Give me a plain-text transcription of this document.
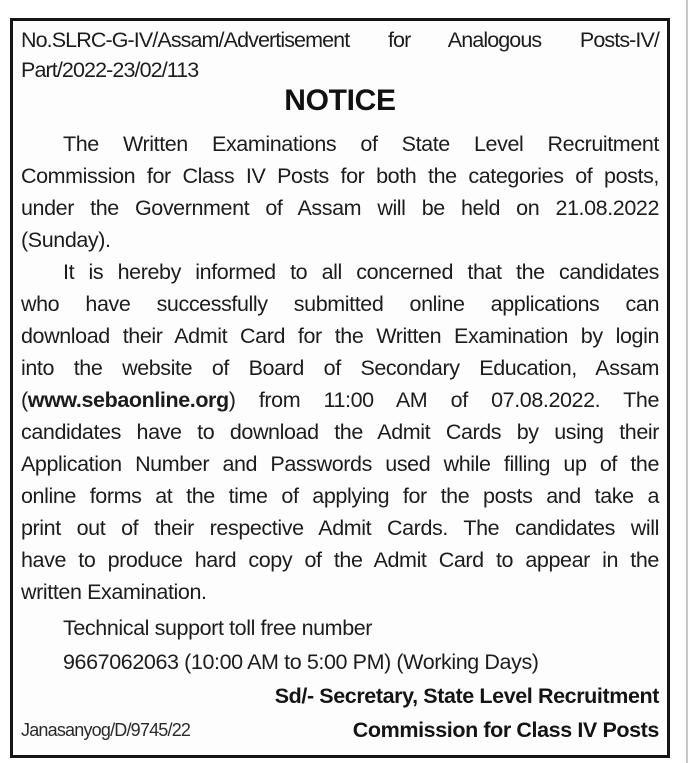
No.SLRC-G-IV/Assam/Advertisement for Analogous Posts-IV/
Part/2022-23/02/113
NOTICE
The Written Examinations of State Level Recruitment
Commission for Class IV Posts for both the categories of posts,
under the Government of Assam will be held on 21.08.2022
(Sunday).
It is hereby informed to all concerned that the candidates
who have successfully submitted online applications can
download their Admit Card for the Written Examination by login
into the website of Board of Secondary Education, Assam
(www.sebaonline.org) from 11:00 AM of 07.08.2022. The
candidates have to download the Admit Cards by using their
Application Number and Passwords used while filling up of the
online forms at the time of applying for the posts and take a
print out of their respective Admit Cards. The candidates will
have to produce hard copy of the Admit Card to appear in the
written Examination.
Technical support toll free number
9667062063 (10:00 AM to 5:00 PM) (Working Days)
Sd/- Secretary, State Level Recruitment
Janasanyog/D/9745/22	Commission for Class IV Posts
